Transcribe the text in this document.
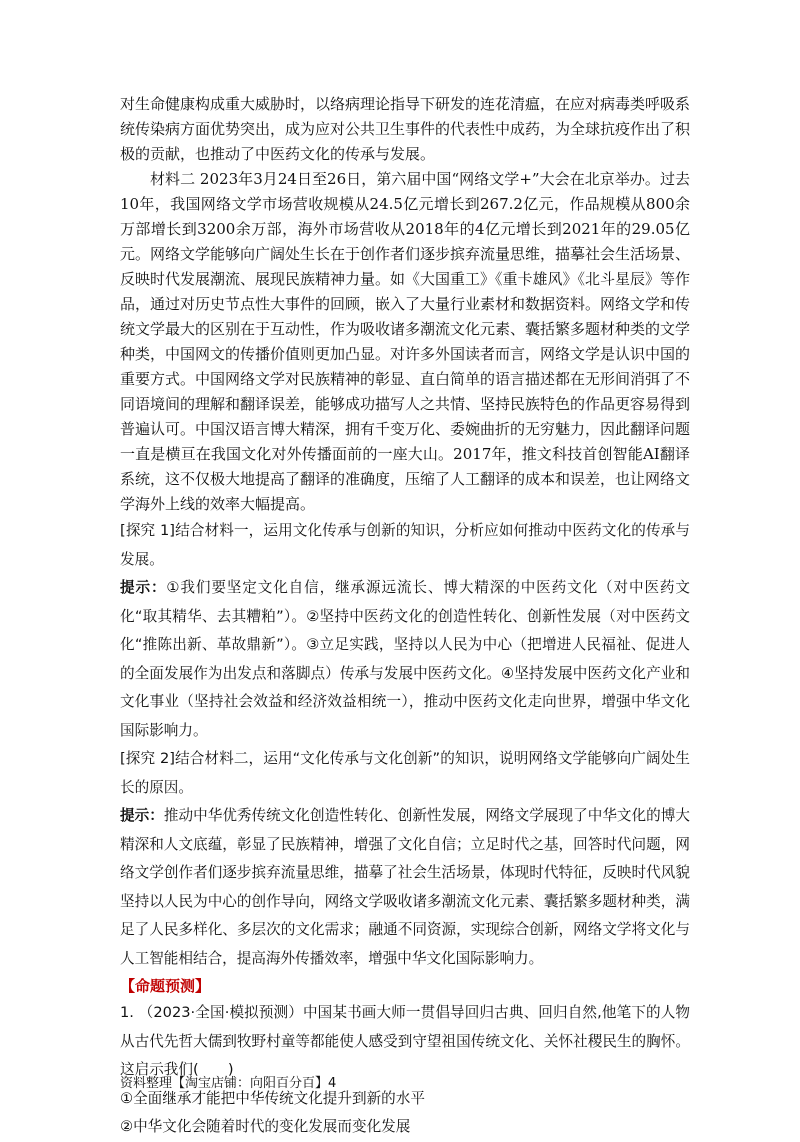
对生命健康构成重大威胁时，以络病理论指导下研发的连花清瘟，在应对病毒类呼吸系统传染病方面优势突出，成为应对公共卫生事件的代表性中成药，为全球抗疫作出了积极的贡献，也推动了中医药文化的传承与发展。

材料二 2023年3月24日至26日，第六届中国“网络文学+”大会在北京举办。过去10年，我国网络文学市场营收规模从24.5亿元增长到267.2亿元，作品规模从800余万部增长到3200余万部，海外市场营收从2018年的4亿元增长到2021年的29.05亿元。网络文学能够向广阔处生长在于创作者们逐步摈弃流量思维，描摹社会生活场景、反映时代发展潮流、展现民族精神力量。如《大国重工》《重卡雄风》《北斗星辰》等作品，通过对历史节点性大事件的回顾，嵌入了大量行业素材和数据资料。网络文学和传统文学最大的区别在于互动性，作为吸收诸多潮流文化元素、囊括繁多题材种类的文学种类，中国网文的传播价值则更加凸显。对许多外国读者而言，网络文学是认识中国的重要方式。中国网络文学对民族精神的彰显、直白简单的语言描述都在无形间消弭了不同语境间的理解和翻译误差，能够成功描写人之共情、坚持民族特色的作品更容易得到普遍认可。中国汉语言博大精深，拥有千变万化、委婉曲折的无穷魅力，因此翻译问题一直是横亘在我国文化对外传播面前的一座大山。2017年，推文科技首创智能AI翻译系统，这不仅极大地提高了翻译的准确度，压缩了人工翻译的成本和误差，也让网络文学海外上线的效率大幅提高。

[探究 1]结合材料一，运用文化传承与创新的知识，分析应如何推动中医药文化的传承与发展。

提示：①我们要坚定文化自信，继承源远流长、博大精深的中医药文化（对中医药文化“取其精华、去其糟粕”）。②坚持中医药文化的创造性转化、创新性发展（对中医药文化“推陈出新、革故鼎新”）。③立足实践，坚持以人民为中心（把增进人民福祉、促进人的全面发展作为出发点和落脚点）传承与发展中医药文化。④坚持发展中医药文化产业和文化事业（坚持社会效益和经济效益相统一），推动中医药文化走向世界，增强中华文化国际影响力。

[探究 2]结合材料二，运用“文化传承与文化创新”的知识，说明网络文学能够向广阔处生长的原因。

提示：推动中华优秀传统文化创造性转化、创新性发展，网络文学展现了中华文化的博大精深和人文底蕴，彰显了民族精神，增强了文化自信；立足时代之基，回答时代问题，网络文学创作者们逐步摈弃流量思维，描摹了社会生活场景，体现时代特征，反映时代风貌坚持以人民为中心的创作导向，网络文学吸收诸多潮流文化元素、囊括繁多题材种类，满足了人民多样化、多层次的文化需求；融通不同资源，实现综合创新，网络文学将文化与人工智能相结合，提高海外传播效率，增强中华文化国际影响力。

【命题预测】

1. （2023·全国·模拟预测）中国某书画大师一贯倡导回归古典、回归自然,他笔下的人物从古代先哲大儒到牧野村童等都能使人感受到守望祖国传统文化、关怀社稷民生的胸怀。这启示我们(　　)

①全面继承才能把中华传统文化提升到新的水平

②中华文化会随着时代的变化发展而变化发展

资料整理【淘宝店铺：向阳百分百】4
